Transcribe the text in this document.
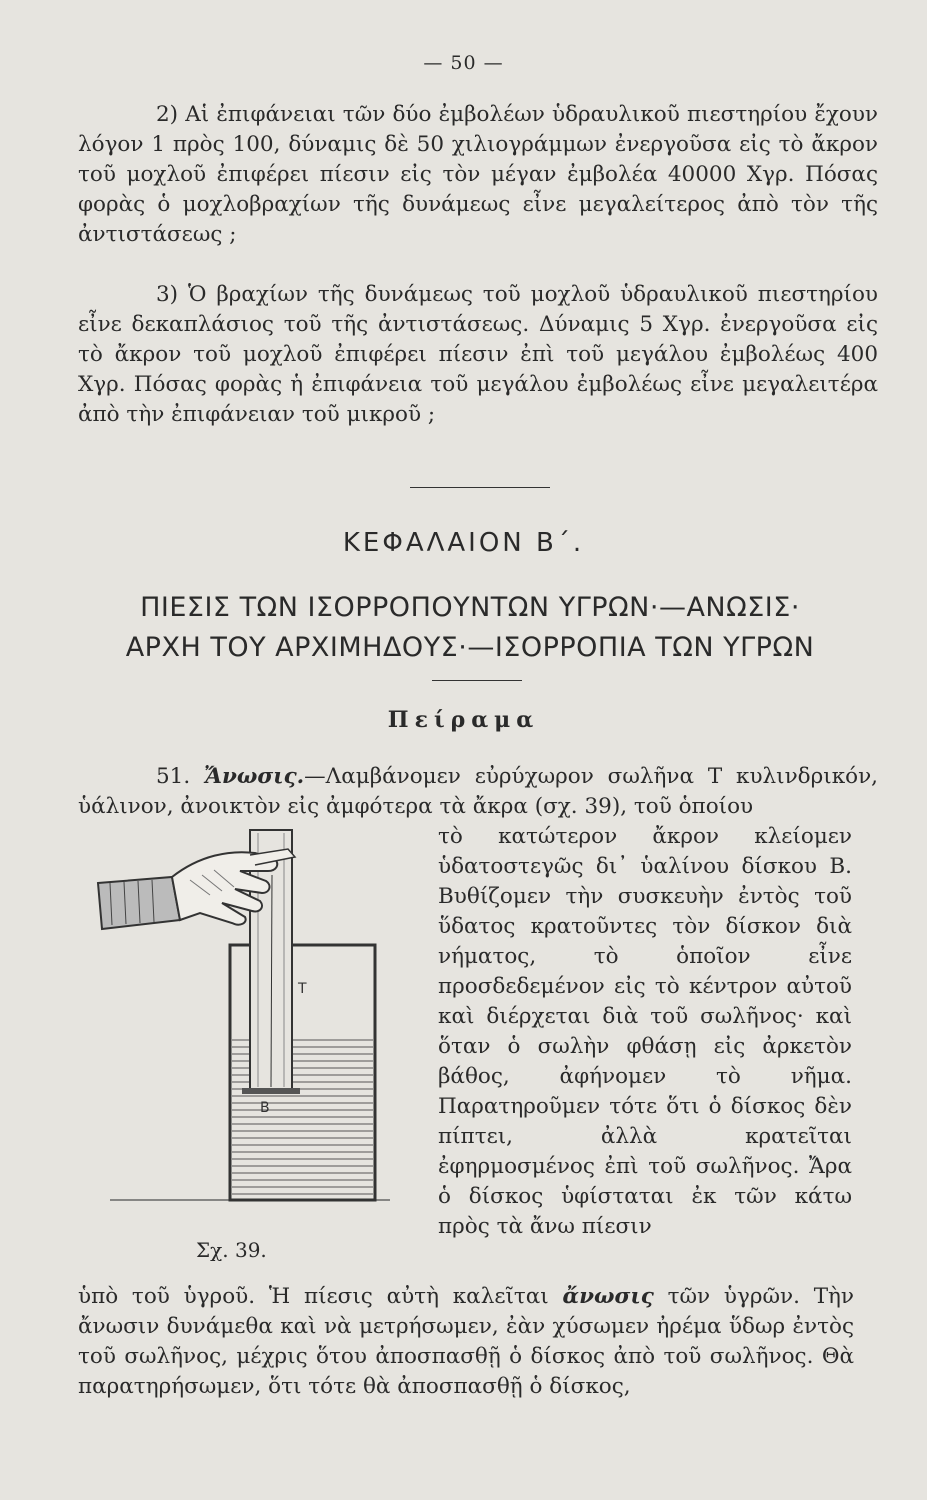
— 50 —
2) Αἱ ἐπιφάνειαι τῶν δύο ἐμβολέων ὑδραυλικοῦ πιεστηρίου ἔχουν λόγον 1 πρὸς 100, δύναμις δὲ 50 χιλιογράμμων ἐνεργοῦσα εἰς τὸ ἄκρον τοῦ μοχλοῦ ἐπιφέρει πίεσιν εἰς τὸν μέγαν ἐμβολέα 40000 Χγρ. Πόσας φορὰς ὁ μοχλοβραχίων τῆς δυνάμεως εἶνε μεγαλείτερος ἀπὸ τὸν τῆς ἀντιστάσεως ;
3) Ὁ βραχίων τῆς δυνάμεως τοῦ μοχλοῦ ὑδραυλικοῦ πιεστηρίου εἶνε δεκαπλάσιος τοῦ τῆς ἀντιστάσεως. Δύναμις 5 Χγρ. ἐνεργοῦσα εἰς τὸ ἄκρον τοῦ μοχλοῦ ἐπιφέρει πίεσιν ἐπὶ τοῦ μεγάλου ἐμβολέως 400 Χγρ. Πόσας φορὰς ἡ ἐπιφάνεια τοῦ μεγάλου ἐμβολέως εἶνε μεγαλειτέρα ἀπὸ τὴν ἐπιφάνειαν τοῦ μικροῦ ;
ΚΕΦΑΛΑΙΟΝ Β΄.
ΠΙΕΣΙΣ ΤΩΝ ΙΣΟΡΡΟΠΟΥΝΤΩΝ ΥΓΡΩΝ·—ΑΝΩΣΙΣ·
ΑΡΧΗ ΤΟΥ ΑΡΧΙΜΗΔΟΥΣ·—ΙΣΟΡΡΟΠΙΑ ΤΩΝ ΥΓΡΩΝ
Πείραμα
51. Ἄνωσις.—Λαμβάνομεν εὐρύχωρον σωλῆνα Τ κυλινδρικόν, ὑάλινον, ἀνοικτὸν εἰς ἀμφότερα τὰ ἄκρα (σχ. 39), τοῦ ὁποίου
Τ
Β
Σχ. 39.
τὸ κατώτερον ἄκρον κλείομεν ὑδατοστεγῶς δι᾽ ὑαλίνου δίσκου Β. Βυθίζομεν τὴν συσκευὴν ἐντὸς τοῦ ὕδατος κρατοῦντες τὸν δίσκον διὰ νήματος, τὸ ὁποῖον εἶνε προσδεδεμένον εἰς τὸ κέντρον αὐτοῦ καὶ διέρχεται διὰ τοῦ σωλῆνος· καὶ ὅταν ὁ σωλὴν φθάσῃ εἰς ἀρκετὸν βάθος, ἀφήνομεν τὸ νῆμα. Παρατηροῦμεν τότε ὅτι ὁ δίσκος δὲν πίπτει, ἀλλὰ κρατεῖται ἐφηρμοσμένος ἐπὶ τοῦ σωλῆνος. Ἄρα ὁ δίσκος ὑφίσταται ἐκ τῶν κάτω πρὸς τὰ ἄνω πίεσιν
ὑπὸ τοῦ ὑγροῦ. Ἡ πίεσις αὐτὴ καλεῖται ἄνωσις τῶν ὑγρῶν. Τὴν ἄνωσιν δυνάμεθα καὶ νὰ μετρήσωμεν, ἐὰν χύσωμεν ἠρέμα ὕδωρ ἐντὸς τοῦ σωλῆνος, μέχρις ὅτου ἀποσπασθῇ ὁ δίσκος ἀπὸ τοῦ σωλῆνος. Θὰ παρατηρήσωμεν, ὅτι τότε θὰ ἀποσπασθῇ ὁ δίσκος,
